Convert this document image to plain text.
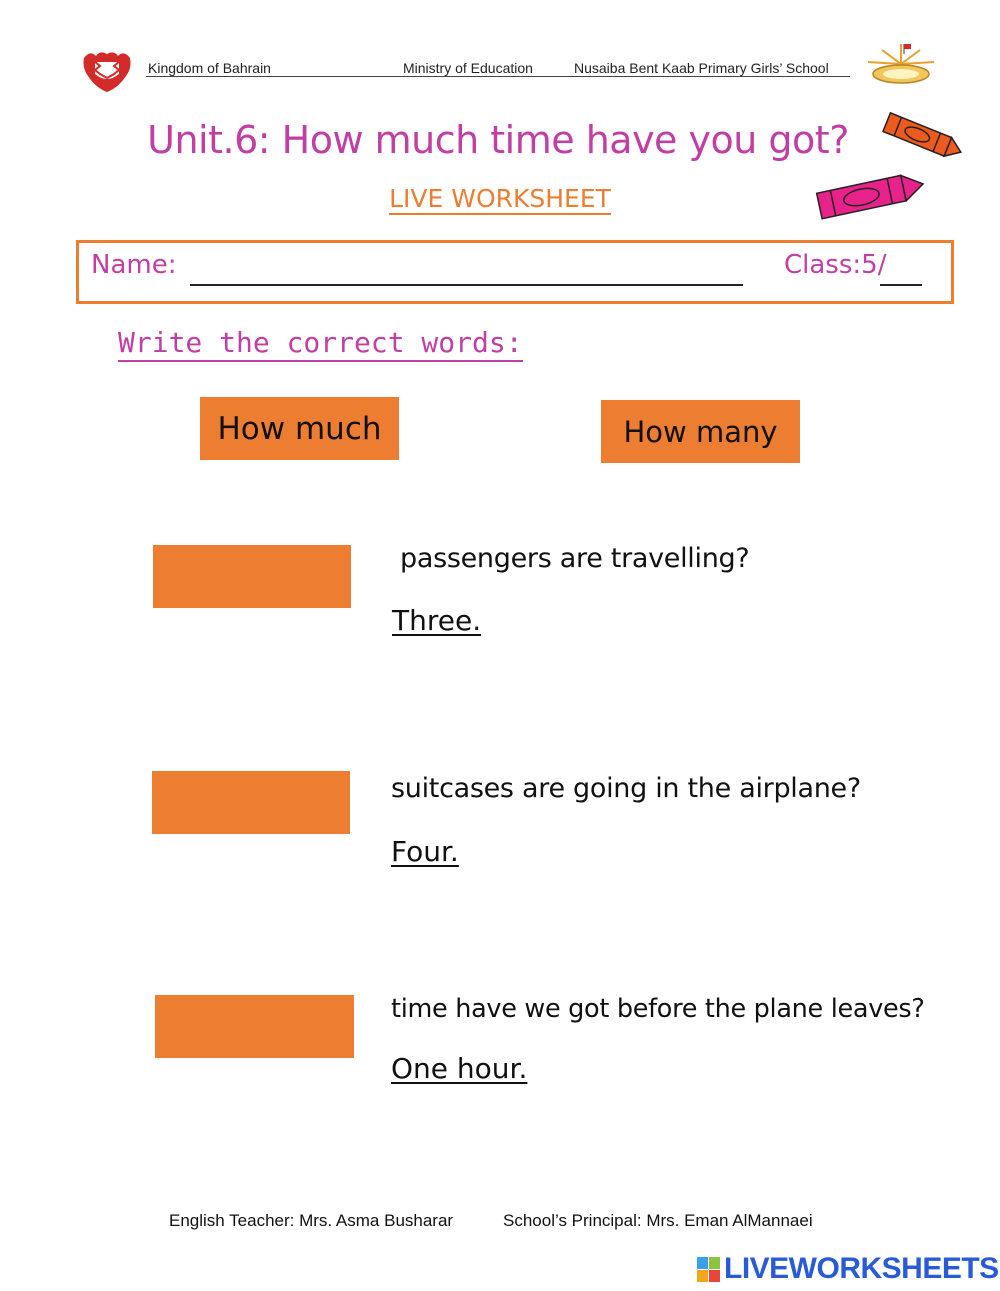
Kingdom of Bahrain	Ministry of Education	Nusaiba Bent Kaab Primary Girls’ School
Unit.6: How much time have you got?
LIVE WORKSHEET
Name:	Class:5/
Write the correct words:
How much	How many
passengers are travelling?
Three.
suitcases are going in the airplane?
Four.
time have we got before the plane leaves?
One hour.
English Teacher: Mrs. Asma Busharar	School’s Principal: Mrs. Eman AlMannaei
LIVEWORKSHEETS
